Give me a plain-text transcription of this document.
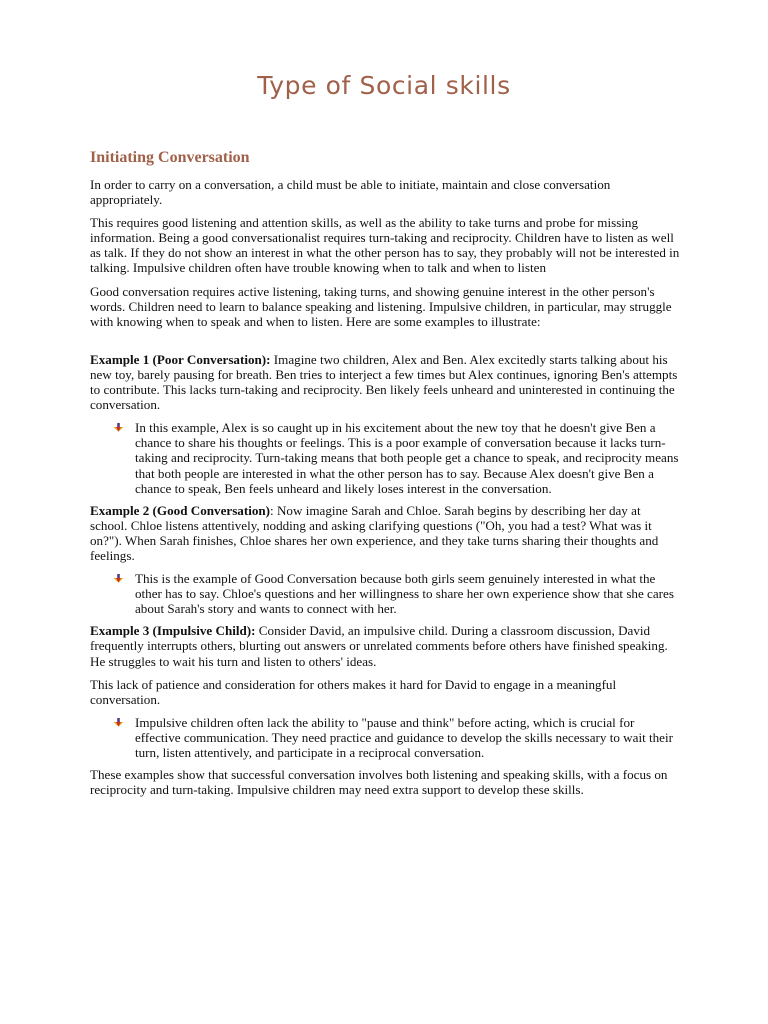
Type of Social skills
Initiating Conversation

In order to carry on a conversation, a child must be able to initiate, maintain and close conversation appropriately.

This requires good listening and attention skills, as well as the ability to take turns and probe for missing information. Being a good conversationalist requires turn-taking and reciprocity. Children have to listen as well as talk. If they do not show an interest in what the other person has to say, they probably will not be interested in talking. Impulsive children often have trouble knowing when to talk and when to listen

Good conversation requires active listening, taking turns, and showing genuine interest in the other person's words. Children need to learn to balance speaking and listening. Impulsive children, in particular, may struggle with knowing when to speak and when to listen. Here are some examples to illustrate:

Example 1 (Poor Conversation): Imagine two children, Alex and Ben. Alex excitedly starts talking about his new toy, barely pausing for breath. Ben tries to interject a few times but Alex continues, ignoring Ben's attempts to contribute. This lacks turn-taking and reciprocity. Ben likely feels unheard and uninterested in continuing the conversation.

In this example, Alex is so caught up in his excitement about the new toy that he doesn't give Ben a chance to share his thoughts or feelings. This is a poor example of conversation because it lacks turn-taking and reciprocity. Turn-taking means that both people get a chance to speak, and reciprocity means that both people are interested in what the other person has to say. Because Alex doesn't give Ben a chance to speak, Ben feels unheard and likely loses interest in the conversation.

Example 2 (Good Conversation): Now imagine Sarah and Chloe. Sarah begins by describing her day at school. Chloe listens attentively, nodding and asking clarifying questions ("Oh, you had a test? What was it on?"). When Sarah finishes, Chloe shares her own experience, and they take turns sharing their thoughts and feelings.

This is the example of Good Conversation because both girls seem genuinely interested in what the other has to say. Chloe's questions and her willingness to share her own experience show that she cares about Sarah's story and wants to connect with her.

Example 3 (Impulsive Child): Consider David, an impulsive child. During a classroom discussion, David frequently interrupts others, blurting out answers or unrelated comments before others have finished speaking. He struggles to wait his turn and listen to others' ideas.

This lack of patience and consideration for others makes it hard for David to engage in a meaningful conversation.

Impulsive children often lack the ability to "pause and think" before acting, which is crucial for effective communication. They need practice and guidance to develop the skills necessary to wait their turn, listen attentively, and participate in a reciprocal conversation.

These examples show that successful conversation involves both listening and speaking skills, with a focus on reciprocity and turn-taking. Impulsive children may need extra support to develop these skills.
